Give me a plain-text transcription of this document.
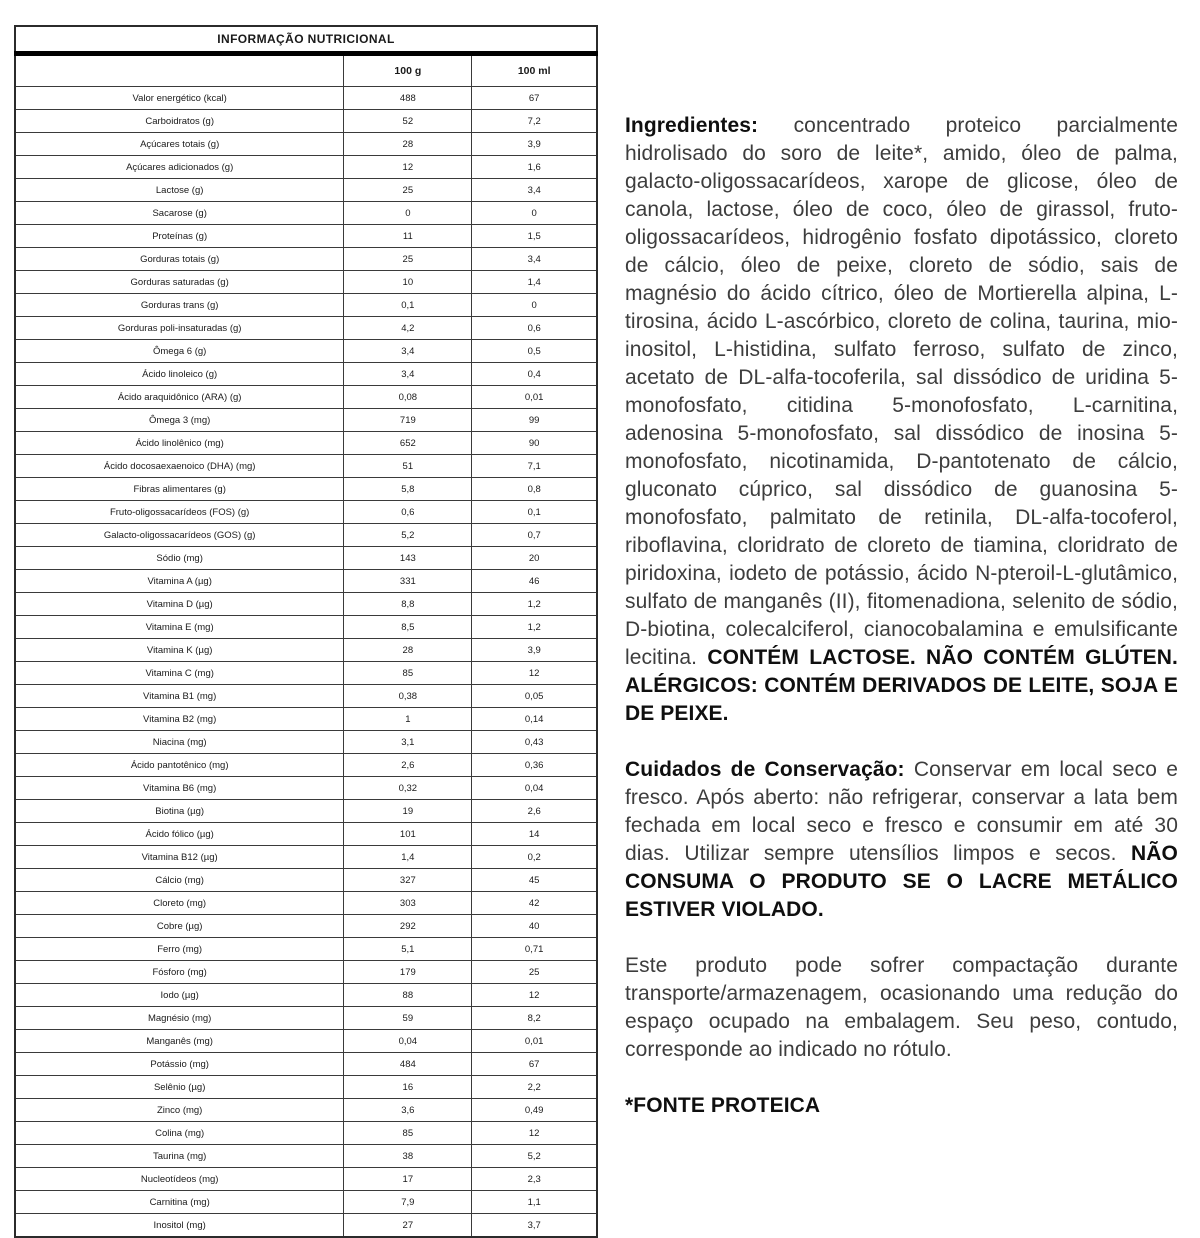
INFORMAÇÃO NUTRICIONAL		
	100 g	100 ml
Valor energético (kcal)	488	67
Carboidratos (g)	52	7,2
Açúcares totais (g)	28	3,9
Açúcares adicionados (g)	12	1,6
Lactose (g)	25	3,4
Sacarose (g)	0	0
Proteínas (g)	11	1,5
Gorduras totais (g)	25	3,4
Gorduras saturadas (g)	10	1,4
Gorduras trans (g)	0,1	0
Gorduras poli-insaturadas (g)	4,2	0,6
Ômega 6 (g)	3,4	0,5
Ácido linoleico (g)	3,4	0,4
Ácido araquidônico (ARA) (g)	0,08	0,01
Ômega 3 (mg)	719	99
Ácido linolênico (mg)	652	90
Ácido docosaexaenoico (DHA) (mg)	51	7,1
Fibras alimentares (g)	5,8	0,8
Fruto-oligossacarídeos (FOS) (g)	0,6	0,1
Galacto-oligossacarídeos (GOS) (g)	5,2	0,7
Sódio (mg)	143	20
Vitamina A (µg)	331	46
Vitamina D (µg)	8,8	1,2
Vitamina E (mg)	8,5	1,2
Vitamina K (µg)	28	3,9
Vitamina C (mg)	85	12
Vitamina B1 (mg)	0,38	0,05
Vitamina B2 (mg)	1	0,14
Niacina (mg)	3,1	0,43
Ácido pantotênico (mg)	2,6	0,36
Vitamina B6 (mg)	0,32	0,04
Biotina (µg)	19	2,6
Ácido fólico (µg)	101	14
Vitamina B12 (µg)	1,4	0,2
Cálcio (mg)	327	45
Cloreto (mg)	303	42
Cobre (µg)	292	40
Ferro (mg)	5,1	0,71
Fósforo (mg)	179	25
Iodo (µg)	88	12
Magnésio (mg)	59	8,2
Manganês (mg)	0,04	0,01
Potássio (mg)	484	67
Selênio (µg)	16	2,2
Zinco (mg)	3,6	0,49
Colina (mg)	85	12
Taurina (mg)	38	5,2
Nucleotídeos (mg)	17	2,3
Carnitina (mg)	7,9	1,1
Inositol (mg)	27	3,7

Ingredientes: concentrado proteico parcialmente hidrolisado do soro de leite*, amido, óleo de palma, galacto-oligossacarídeos, xarope de glicose, óleo de canola, lactose, óleo de coco, óleo de girassol, fruto-oligossacarídeos, hidrogênio fosfato dipotássico, cloreto de cálcio, óleo de peixe, cloreto de sódio, sais de magnésio do ácido cítrico, óleo de Mortierella alpina, L-tirosina, ácido L-ascórbico, cloreto de colina, taurina, mio-inositol, L-histidina, sulfato ferroso, sulfato de zinco, acetato de DL-alfa-tocoferila, sal dissódico de uridina 5-monofosfato, citidina 5-monofosfato, L-carnitina, adenosina 5-monofosfato, sal dissódico de inosina 5-monofosfato, nicotinamida, D-pantotenato de cálcio, gluconato cúprico, sal dissódico de guanosina 5-monofosfato, palmitato de retinila, DL-alfa-tocoferol, riboflavina, cloridrato de cloreto de tiamina, cloridrato de piridoxina, iodeto de potássio, ácido N-pteroil-L-glutâmico, sulfato de manganês (II), fitomenadiona, selenito de sódio, D-biotina, colecalciferol, cianocobalamina e emulsificante lecitina. CONTÉM LACTOSE. NÃO CONTÉM GLÚTEN. ALÉRGICOS: CONTÉM DERIVADOS DE LEITE, SOJA E DE PEIXE.

Cuidados de Conservação: Conservar em local seco e fresco. Após aberto: não refrigerar, conservar a lata bem fechada em local seco e fresco e consumir em até 30 dias. Utilizar sempre utensílios limpos e secos. NÃO CONSUMA O PRODUTO SE O LACRE METÁLICO ESTIVER VIOLADO.

Este produto pode sofrer compactação durante transporte/armazenagem, ocasionando uma redução do espaço ocupado na embalagem. Seu peso, contudo, corresponde ao indicado no rótulo.

*FONTE PROTEICA
